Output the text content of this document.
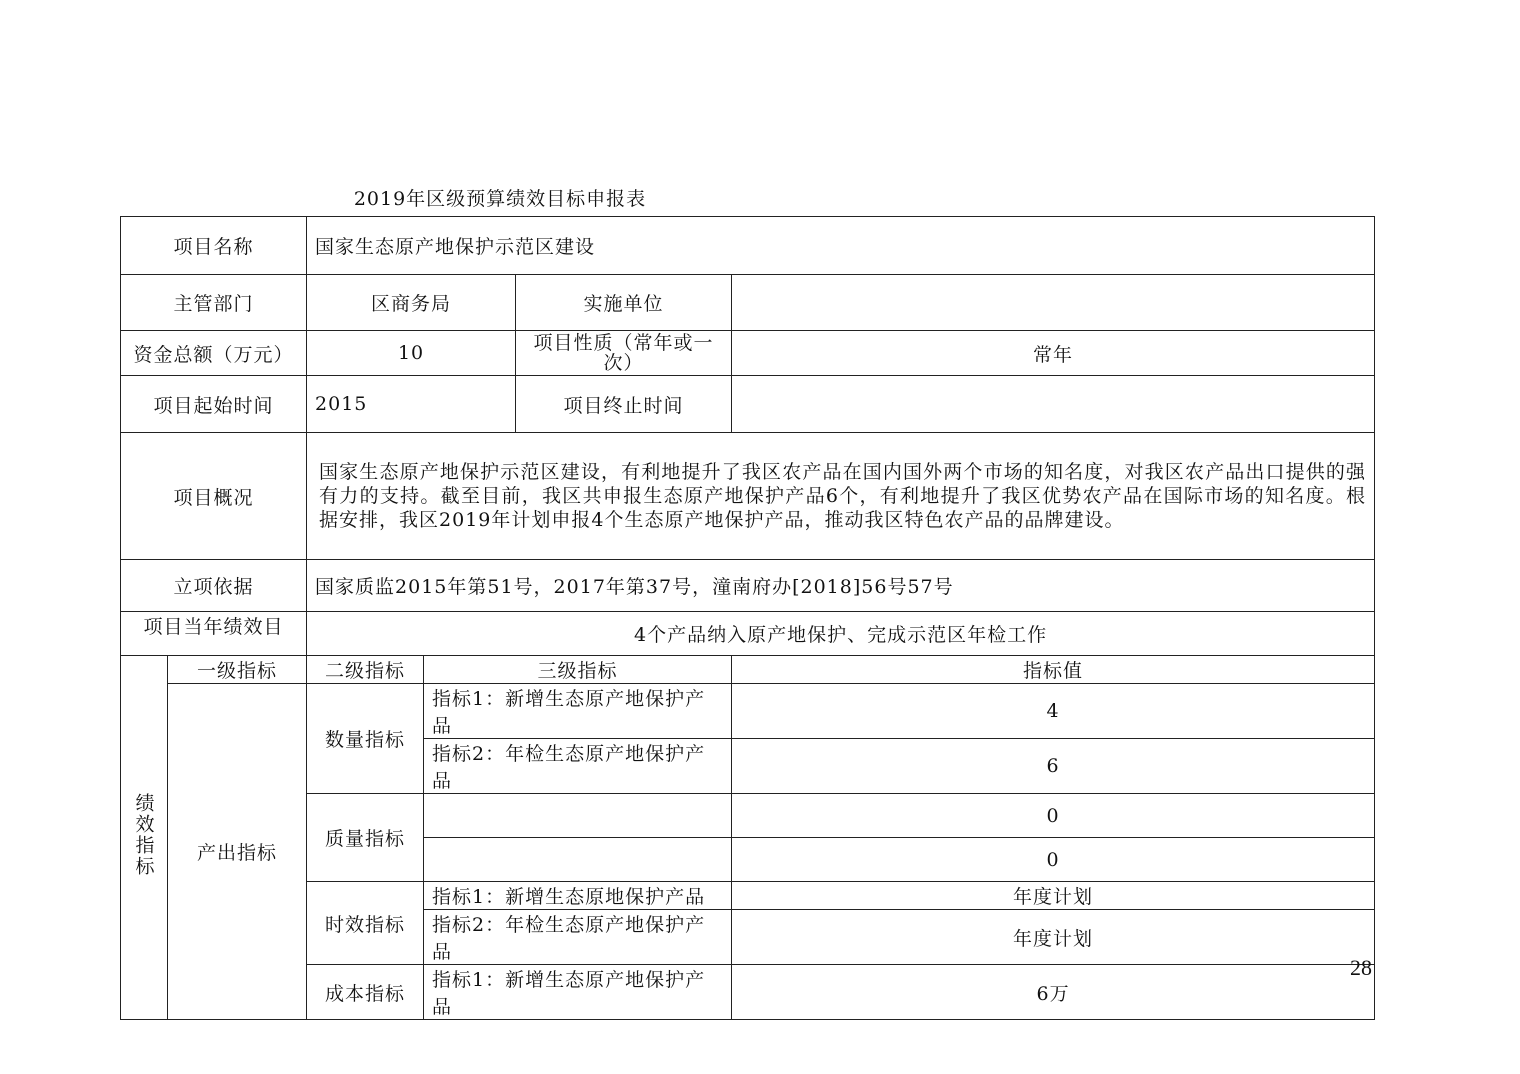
2019年区级预算绩效目标申报表
项目名称		国家生态原产地保护示范区建设			
主管部门		区商务局		实施单位	
资金总额（万元）		10		项目性质（常年或一次）	常年
项目起始时间		2015		项目终止时间	
项目概况		国家生态原产地保护示范区建设，有利地提升了我区农产品在国内国外两个市场的知名度，对我区农产品出口提供的强有力的支持。截至目前，我区共申报生态原产地保护产品6个，有利地提升了我区优势农产品在国际市场的知名度。根据安排，我区2019年计划申报4个生态原产地保护产品，推动我区特色农产品的品牌建设。			
立项依据		国家质监2015年第51号，2017年第37号，潼南府办[2018]56号57号			
项目当年绩效目		4个产品纳入原产地保护、完成示范区年检工作			
绩效指标	一级指标	二级指标	三级指标		指标值
	产出指标	数量指标	指标1：新增生态原产地保护产品		4
			指标2：年检生态原产地保护产品		6
		质量指标			0
					0
		时效指标	指标1：新增生态原地保护产品		年度计划
			指标2：年检生态原产地保护产品		年度计划
		成本指标	指标1：新增生态原产地保护产品		6万
28
